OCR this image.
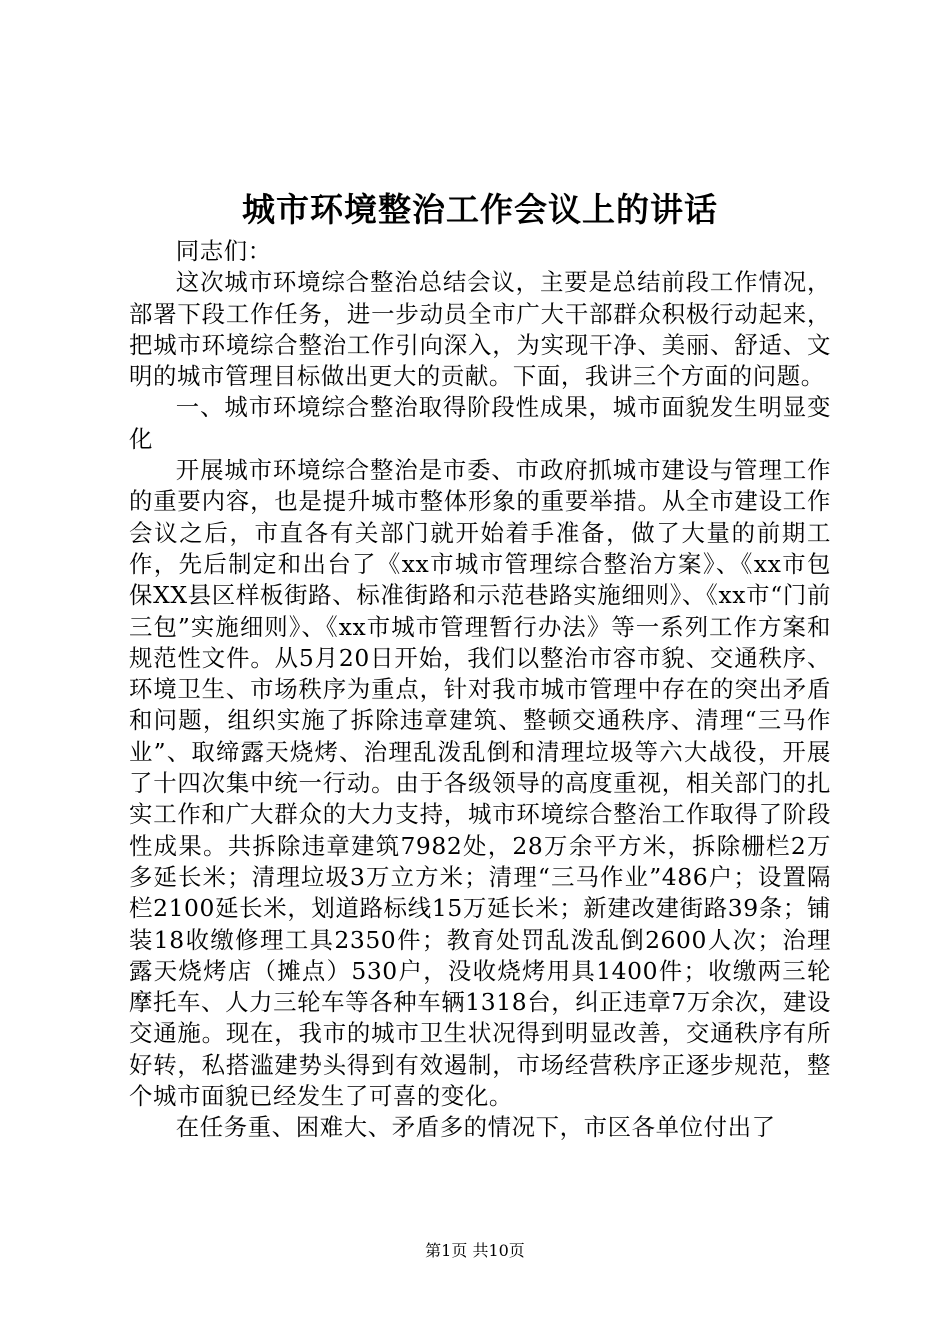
城市环境整治工作会议上的讲话

同志们：

这次城市环境综合整治总结会议，主要是总结前段工作情况，部署下段工作任务，进一步动员全市广大干部群众积极行动起来，把城市环境综合整治工作引向深入，为实现干净、美丽、舒适、文明的城市管理目标做出更大的贡献。下面，我讲三个方面的问题。

一、城市环境综合整治取得阶段性成果，城市面貌发生明显变化

开展城市环境综合整治是市委、市政府抓城市建设与管理工作的重要内容，也是提升城市整体形象的重要举措。从全市建设工作会议之后，市直各有关部门就开始着手准备，做了大量的前期工作，先后制定和出台了《xx市城市管理综合整治方案》、《xx市包保XX县区样板街路、标准街路和示范巷路实施细则》、《xx市“门前三包”实施细则》、《xx市城市管理暂行办法》等一系列工作方案和规范性文件。从5月20日开始，我们以整治市容市貌、交通秩序、环境卫生、市场秩序为重点，针对我市城市管理中存在的突出矛盾和问题，组织实施了拆除违章建筑、整顿交通秩序、清理“三马作业”、取缔露天烧烤、治理乱泼乱倒和清理垃圾等六大战役，开展了十四次集中统一行动。由于各级领导的高度重视，相关部门的扎实工作和广大群众的大力支持，城市环境综合整治工作取得了阶段性成果。共拆除违章建筑7982处，28万余平方米，拆除栅栏2万多延长米；清理垃圾3万立方米；清理“三马作业”486户；设置隔栏2100延长米，划道路标线15万延长米；新建改建街路39条；铺装18收缴修理工具2350件；教育处罚乱泼乱倒2600人次；治理露天烧烤店（摊点）530户，没收烧烤用具1400件；收缴两三轮摩托车、人力三轮车等各种车辆1318台，纠正违章7万余次，建设交通施。现在，我市的城市卫生状况得到明显改善，交通秩序有所好转，私搭滥建势头得到有效遏制，市场经营秩序正逐步规范，整个城市面貌已经发生了可喜的变化。

在任务重、困难大、矛盾多的情况下，市区各单位付出了

第1页 共10页
